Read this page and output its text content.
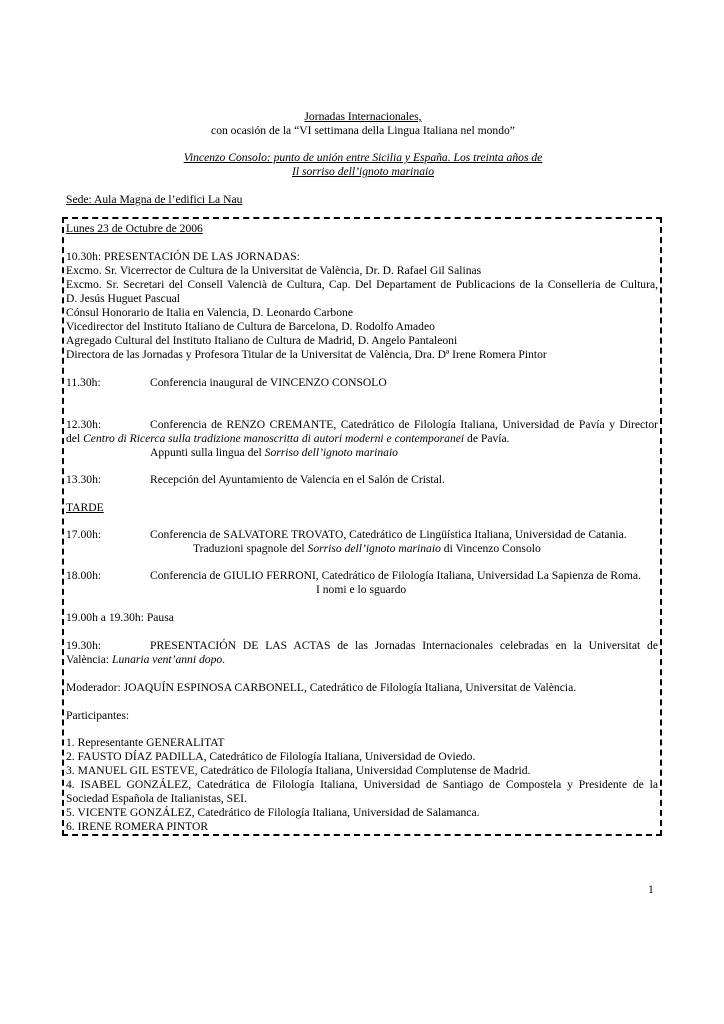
Jornadas Internacionales,
con ocasión de la “VI settimana della Lingua Italiana nel mondo”
Vincenzo Consolo: punto de unión entre Sicilia y España. Los treinta años de
Il sorriso dell’ignoto marinaio
Sede: Aula Magna de l’edifici La Nau
Lunes 23 de Octubre de 2006
10.30h: PRESENTACIÓN DE LAS JORNADAS:
Excmo. Sr. Vicerrector de Cultura de la Universitat de València, Dr. D. Rafael Gil Salinas
Excmo. Sr. Secretari del Consell Valencià de Cultura, Cap. Del Departament de Publicacions de la Conselleria de Cultura,
D. Jesús Huguet Pascual
Cónsul Honorario de Italia en Valencia, D. Leonardo Carbone
Vicedirector del Instituto Italiano de Cultura de Barcelona, D. Rodolfo Amadeo
Agregado Cultural del Instituto Italiano de Cultura de Madrid, D. Angelo Pantaleoni
Directora de las Jornadas y Profesora Titular de la Universitat de València, Dra. Dª Irene Romera Pintor
11.30h:	Conferencia inaugural de VINCENZO CONSOLO
12.30h:	Conferencia de RENZO CREMANTE, Catedrático de Filología Italiana, Universidad de Pavía y Director
del Centro di Ricerca sulla tradizione manoscritta di autori moderni e contemporanei de Pavía.
Appunti sulla lingua del Sorriso dell’ignoto marinaio
13.30h:	Recepción del Ayuntamiento de Valencia en el Salón de Cristal.
TARDE
17.00h:	Conferencia de SALVATORE TROVATO, Catedrático de Lingüística Italiana, Universidad de Catania.
Traduzioni spagnole del Sorriso dell’ignoto marinaio di Vincenzo Consolo
18.00h:	Conferencia de GIULIO FERRONI, Catedrático de Filología Italiana, Universidad La Sapienza de Roma.
I nomi e lo sguardo
19.00h a 19.30h: Pausa
19.30h:	PRESENTACIÓN DE LAS ACTAS de las Jornadas Internacionales celebradas en la Universitat de
València: Lunaria vent’anni dopo.
Moderador: JOAQUÍN ESPINOSA CARBONELL, Catedrático de Filología Italiana, Universitat de València.
Participantes:
1. Representante GENERALITAT
2. FAUSTO DÍAZ PADILLA, Catedrático de Filología Italiana, Universidad de Oviedo.
3. MANUEL GIL ESTEVE, Catedrático de Filología Italiana, Universidad Complutense de Madrid.
4. ISABEL GONZÁLEZ, Catedrática de Filología Italiana, Universidad de Santiago de Compostela y Presidente de la
Sociedad Española de Italianistas, SEI.
5. VICENTE GONZÁLEZ, Catedrático de Filología Italiana, Universidad de Salamanca.
6. IRENE ROMERA PINTOR
1
